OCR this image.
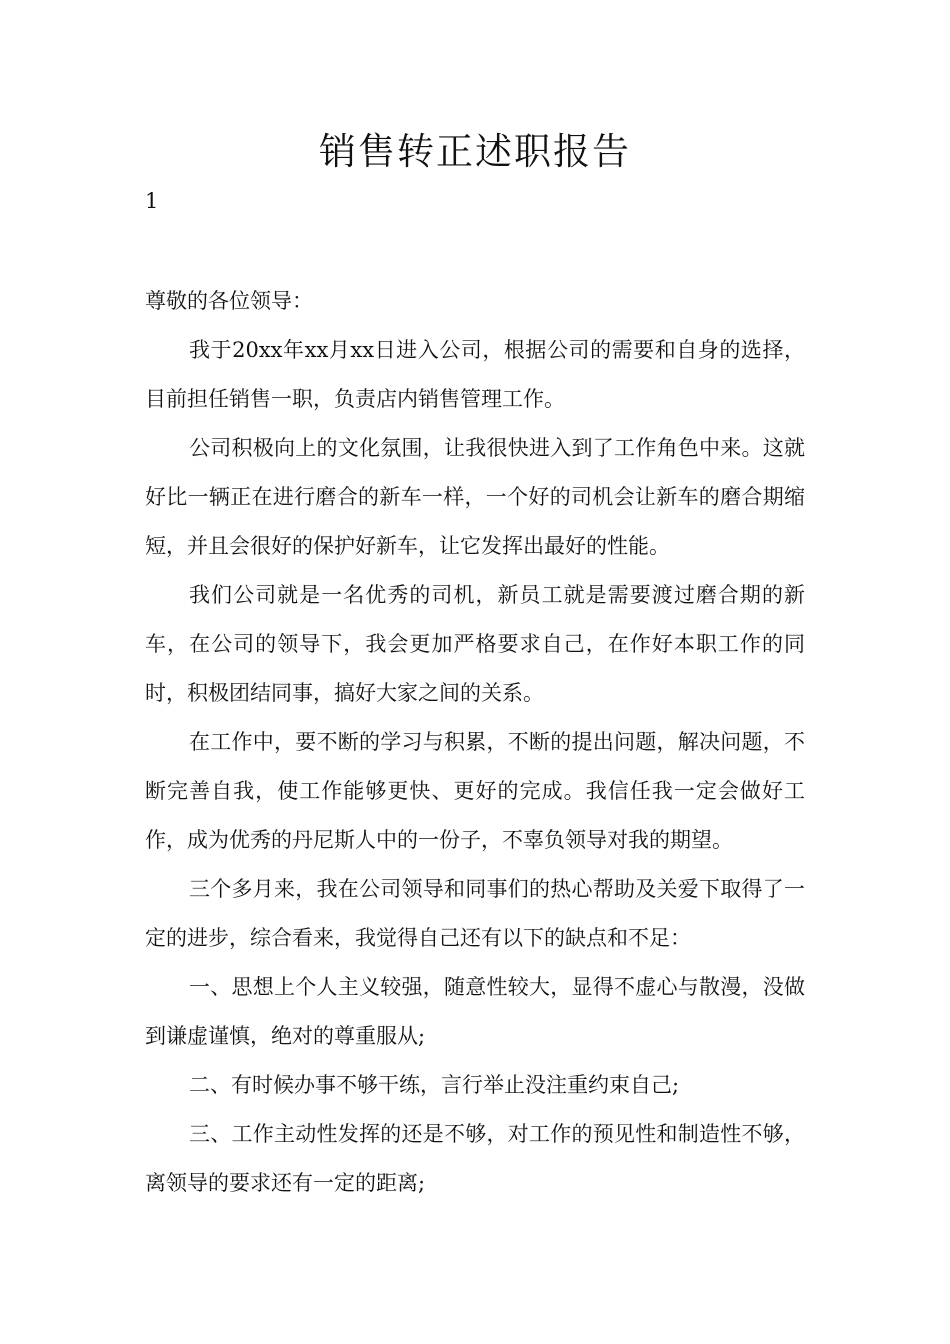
销售转正述职报告
1

尊敬的各位领导：

我于20xx年xx月xx日进入公司，根据公司的需要和自身的选择，目前担任销售一职，负责店内销售管理工作。

公司积极向上的文化氛围，让我很快进入到了工作角色中来。这就好比一辆正在进行磨合的新车一样，一个好的司机会让新车的磨合期缩短，并且会很好的保护好新车，让它发挥出最好的性能。

我们公司就是一名优秀的司机，新员工就是需要渡过磨合期的新车，在公司的领导下，我会更加严格要求自己，在作好本职工作的同时，积极团结同事，搞好大家之间的关系。

在工作中，要不断的学习与积累，不断的提出问题，解决问题，不断完善自我，使工作能够更快、更好的完成。我信任我一定会做好工作，成为优秀的丹尼斯人中的一份子，不辜负领导对我的期望。

三个多月来，我在公司领导和同事们的热心帮助及关爱下取得了一定的进步，综合看来，我觉得自己还有以下的缺点和不足：

一、思想上个人主义较强，随意性较大，显得不虚心与散漫，没做到谦虚谨慎，绝对的尊重服从;

二、有时候办事不够干练，言行举止没注重约束自己;

三、工作主动性发挥的还是不够，对工作的预见性和制造性不够，离领导的要求还有一定的距离;
